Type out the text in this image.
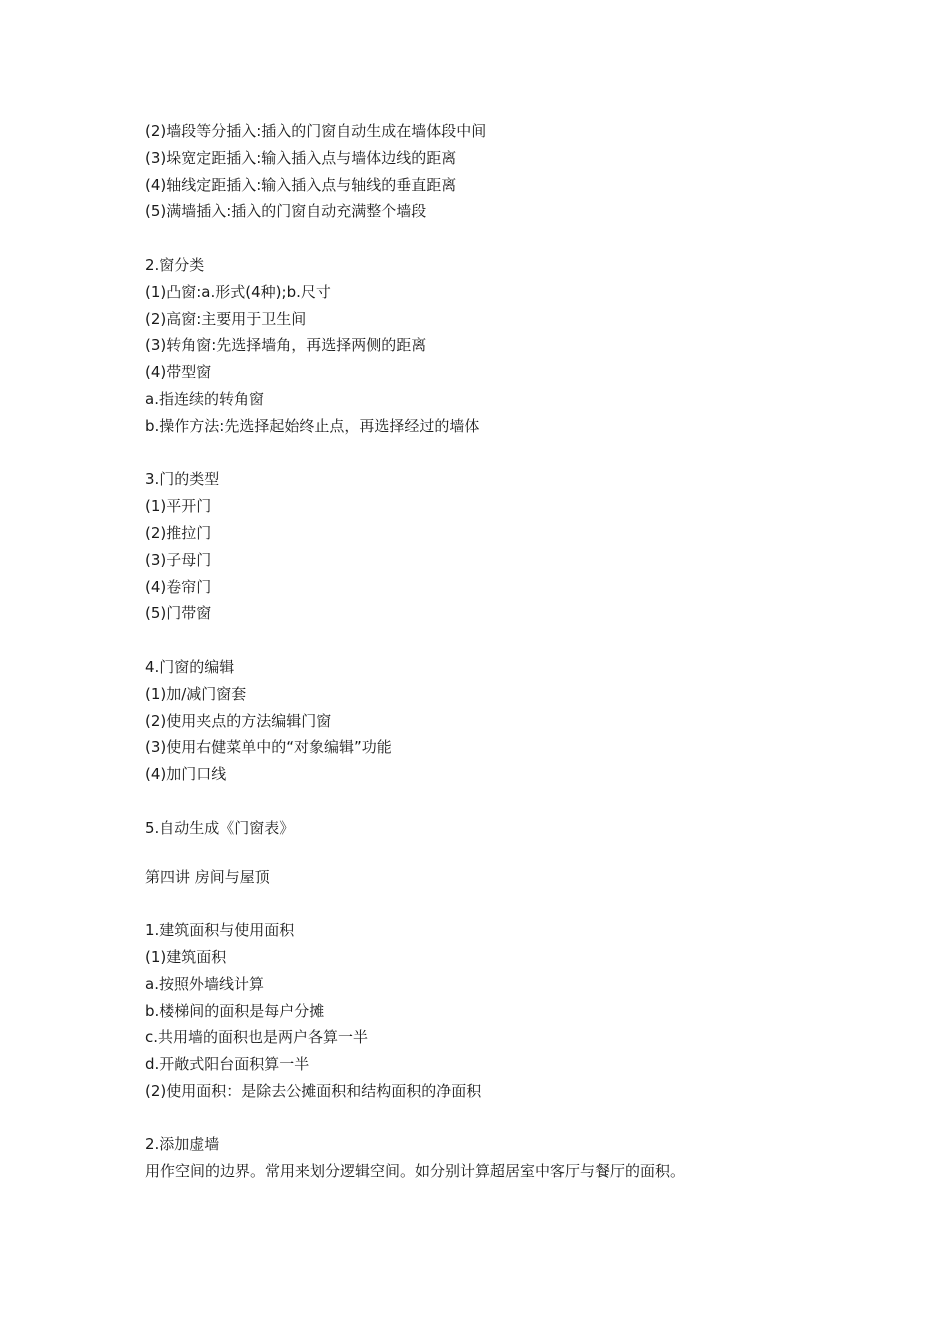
(2)墙段等分插入:插入的门窗自动生成在墙体段中间

(3)垛宽定距插入:输入插入点与墙体边线的距离

(4)轴线定距插入:输入插入点与轴线的垂直距离

(5)满墙插入:插入的门窗自动充满整个墙段

2.窗分类

(1)凸窗:a.形式(4种);b.尺寸

(2)高窗:主要用于卫生间

(3)转角窗:先选择墙角，再选择两侧的距离

(4)带型窗

a.指连续的转角窗

b.操作方法:先选择起始终止点，再选择经过的墙体

3.门的类型

(1)平开门

(2)推拉门

(3)子母门

(4)卷帘门

(5)门带窗

4.门窗的编辑

(1)加/减门窗套

(2)使用夹点的方法编辑门窗

(3)使用右健菜单中的“对象编辑”功能

(4)加门口线

5.自动生成《门窗表》

第四讲 房间与屋顶

1.建筑面积与使用面积

(1)建筑面积

a.按照外墙线计算

b.楼梯间的面积是每户分摊

c.共用墙的面积也是两户各算一半

d.开敞式阳台面积算一半

(2)使用面积：是除去公摊面积和结构面积的净面积

2.添加虚墙

用作空间的边界。常用来划分逻辑空间。如分别计算超居室中客厅与餐厅的面积。
